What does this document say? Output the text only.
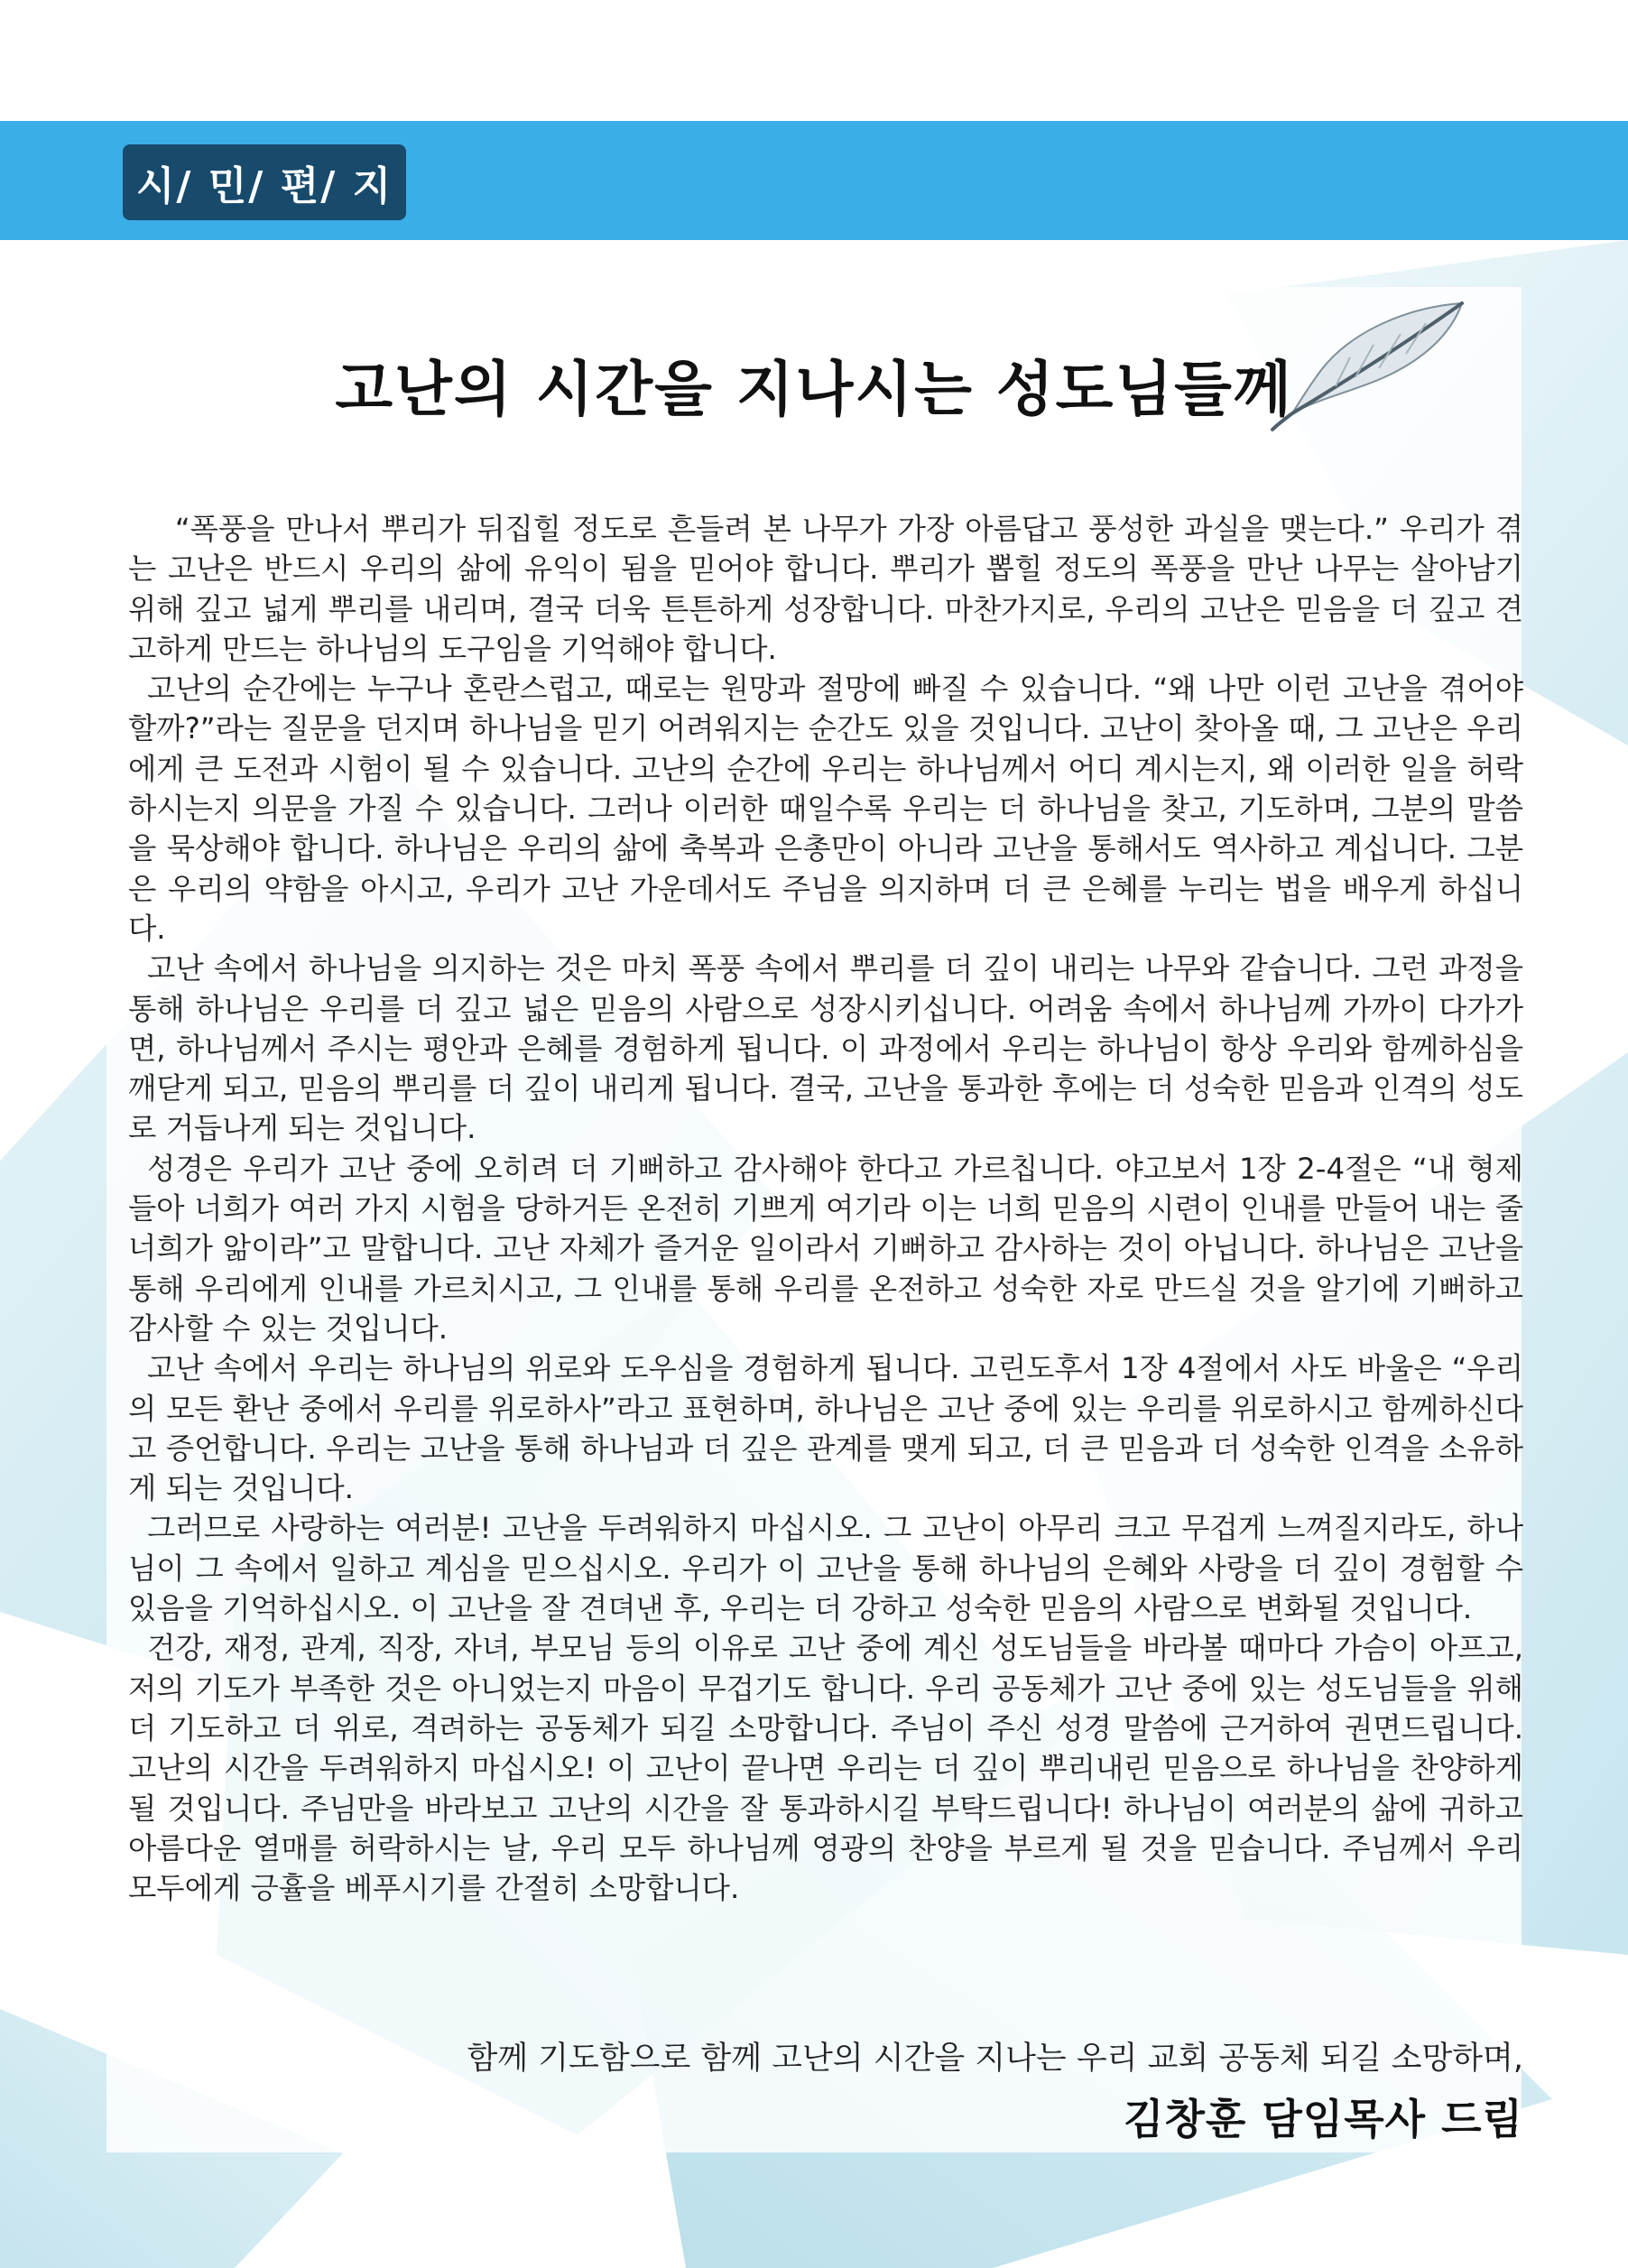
시/ 민/ 편/ 지
고난의 시간을 지나시는 성도님들께

“폭풍을 만나서 뿌리가 뒤집힐 정도로 흔들려 본 나무가 가장 아름답고 풍성한 과실을 맺는다.” 우리가 겪는 고난은 반드시 우리의 삶에 유익이 됨을 믿어야 합니다. 뿌리가 뽑힐 정도의 폭풍을 만난 나무는 살아남기 위해 깊고 넓게 뿌리를 내리며, 결국 더욱 튼튼하게 성장합니다. 마찬가지로, 우리의 고난은 믿음을 더 깊고 견고하게 만드는 하나님의 도구임을 기억해야 합니다.

고난의 순간에는 누구나 혼란스럽고, 때로는 원망과 절망에 빠질 수 있습니다. “왜 나만 이런 고난을 겪어야 할까?”라는 질문을 던지며 하나님을 믿기 어려워지는 순간도 있을 것입니다. 고난이 찾아올 때, 그 고난은 우리에게 큰 도전과 시험이 될 수 있습니다. 고난의 순간에 우리는 하나님께서 어디 계시는지, 왜 이러한 일을 허락하시는지 의문을 가질 수 있습니다. 그러나 이러한 때일수록 우리는 더 하나님을 찾고, 기도하며, 그분의 말씀을 묵상해야 합니다. 하나님은 우리의 삶에 축복과 은총만이 아니라 고난을 통해서도 역사하고 계십니다. 그분은 우리의 약함을 아시고, 우리가 고난 가운데서도 주님을 의지하며 더 큰 은혜를 누리는 법을 배우게 하십니다.

고난 속에서 하나님을 의지하는 것은 마치 폭풍 속에서 뿌리를 더 깊이 내리는 나무와 같습니다. 그런 과정을 통해 하나님은 우리를 더 깊고 넓은 믿음의 사람으로 성장시키십니다. 어려움 속에서 하나님께 가까이 다가가면, 하나님께서 주시는 평안과 은혜를 경험하게 됩니다. 이 과정에서 우리는 하나님이 항상 우리와 함께하심을 깨닫게 되고, 믿음의 뿌리를 더 깊이 내리게 됩니다. 결국, 고난을 통과한 후에는 더 성숙한 믿음과 인격의 성도로 거듭나게 되는 것입니다.

성경은 우리가 고난 중에 오히려 더 기뻐하고 감사해야 한다고 가르칩니다. 야고보서 1장 2-4절은 “내 형제들아 너희가 여러 가지 시험을 당하거든 온전히 기쁘게 여기라 이는 너희 믿음의 시련이 인내를 만들어 내는 줄 너희가 앎이라”고 말합니다. 고난 자체가 즐거운 일이라서 기뻐하고 감사하는 것이 아닙니다. 하나님은 고난을 통해 우리에게 인내를 가르치시고, 그 인내를 통해 우리를 온전하고 성숙한 자로 만드실 것을 알기에 기뻐하고 감사할 수 있는 것입니다.

고난 속에서 우리는 하나님의 위로와 도우심을 경험하게 됩니다. 고린도후서 1장 4절에서 사도 바울은 “우리의 모든 환난 중에서 우리를 위로하사”라고 표현하며, 하나님은 고난 중에 있는 우리를 위로하시고 함께하신다고 증언합니다. 우리는 고난을 통해 하나님과 더 깊은 관계를 맺게 되고, 더 큰 믿음과 더 성숙한 인격을 소유하게 되는 것입니다.

그러므로 사랑하는 여러분! 고난을 두려워하지 마십시오. 그 고난이 아무리 크고 무겁게 느껴질지라도, 하나님이 그 속에서 일하고 계심을 믿으십시오. 우리가 이 고난을 통해 하나님의 은혜와 사랑을 더 깊이 경험할 수 있음을 기억하십시오. 이 고난을 잘 견뎌낸 후, 우리는 더 강하고 성숙한 믿음의 사람으로 변화될 것입니다.

건강, 재정, 관계, 직장, 자녀, 부모님 등의 이유로 고난 중에 계신 성도님들을 바라볼 때마다 가슴이 아프고, 저의 기도가 부족한 것은 아니었는지 마음이 무겁기도 합니다. 우리 공동체가 고난 중에 있는 성도님들을 위해 더 기도하고 더 위로, 격려하는 공동체가 되길 소망합니다. 주님이 주신 성경 말씀에 근거하여 권면드립니다. 고난의 시간을 두려워하지 마십시오! 이 고난이 끝나면 우리는 더 깊이 뿌리내린 믿음으로 하나님을 찬양하게 될 것입니다. 주님만을 바라보고 고난의 시간을 잘 통과하시길 부탁드립니다! 하나님이 여러분의 삶에 귀하고 아름다운 열매를 허락하시는 날, 우리 모두 하나님께 영광의 찬양을 부르게 될 것을 믿습니다. 주님께서 우리 모두에게 긍휼을 베푸시기를 간절히 소망합니다.

함께 기도함으로 함께 고난의 시간을 지나는 우리 교회 공동체 되길 소망하며,
김창훈 담임목사 드림
